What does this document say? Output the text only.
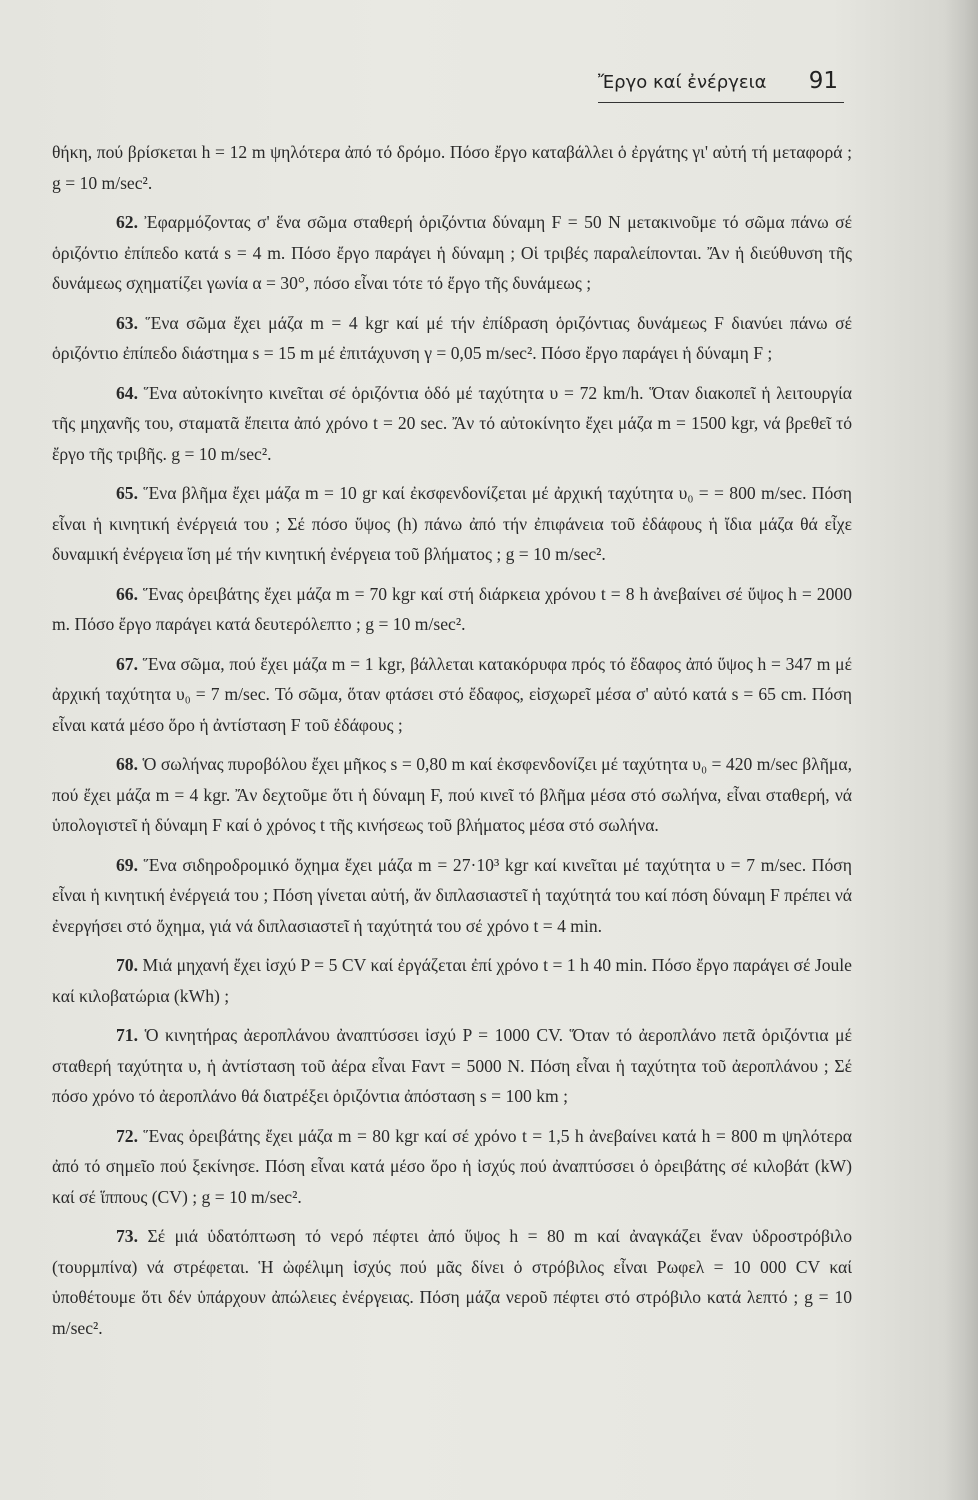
Ἔργο καί ἐνέργεια 91

θήκη, πού βρίσκεται h = 12 m ψηλότερα ἀπό τό δρόμο. Πόσο ἔργο καταβάλλει ὁ ἐργάτης γι' αὐτή τή μεταφορά ; g = 10 m/sec².

62. Ἐφαρμόζοντας σ' ἕνα σῶμα σταθερή ὁριζόντια δύναμη F = 50 N μετακινοῦμε τό σῶμα πάνω σέ ὁριζόντιο ἐπίπεδο κατά s = 4 m. Πόσο ἔργο παράγει ἡ δύναμη ; Οἱ τριβές παραλείπονται. Ἄν ἡ διεύθυνση τῆς δυνάμεως σχηματίζει γωνία α = 30°, πόσο εἶναι τότε τό ἔργο τῆς δυνάμεως ;

63. Ἕνα σῶμα ἔχει μάζα m = 4 kgr καί μέ τήν ἐπίδραση ὁριζόντιας δυνάμεως F διανύει πάνω σέ ὁριζόντιο ἐπίπεδο διάστημα s = 15 m μέ ἐπιτάχυνση γ = 0,05 m/sec². Πόσο ἔργο παράγει ἡ δύναμη F ;

64. Ἕνα αὐτοκίνητο κινεῖται σέ ὁριζόντια ὁδό μέ ταχύτητα υ = 72 km/h. Ὅταν διακοπεῖ ἡ λειτουργία τῆς μηχανῆς του, σταματᾶ ἔπειτα ἀπό χρόνο t = 20 sec. Ἄν τό αὐτοκίνητο ἔχει μάζα m = 1500 kgr, νά βρεθεῖ τό ἔργο τῆς τριβῆς. g = 10 m/sec².

65. Ἕνα βλῆμα ἔχει μάζα m = 10 gr καί ἐκσφενδονίζεται μέ ἀρχική ταχύτητα υ₀ = = 800 m/sec. Πόση εἶναι ἡ κινητική ἐνέργειά του ; Σέ πόσο ὕψος (h) πάνω ἀπό τήν ἐπιφάνεια τοῦ ἐδάφους ἡ ἴδια μάζα θά εἶχε δυναμική ἐνέργεια ἴση μέ τήν κινητική ἐνέργεια τοῦ βλήματος ; g = 10 m/sec².

66. Ἕνας ὀρειβάτης ἔχει μάζα m = 70 kgr καί στή διάρκεια χρόνου t = 8 h ἀνεβαίνει σέ ὕψος h = 2000 m. Πόσο ἔργο παράγει κατά δευτερόλεπτο ; g = 10 m/sec².

67. Ἕνα σῶμα, πού ἔχει μάζα m = 1 kgr, βάλλεται κατακόρυφα πρός τό ἔδαφος ἀπό ὕψος h = 347 m μέ ἀρχική ταχύτητα υ₀ = 7 m/sec. Τό σῶμα, ὅταν φτάσει στό ἔδαφος, εἰσχωρεῖ μέσα σ' αὐτό κατά s = 65 cm. Πόση εἶναι κατά μέσο ὅρο ἡ ἀντίσταση F τοῦ ἐδάφους ;

68. Ὁ σωλήνας πυροβόλου ἔχει μῆκος s = 0,80 m καί ἐκσφενδονίζει μέ ταχύτητα υ₀ = 420 m/sec βλῆμα, πού ἔχει μάζα m = 4 kgr. Ἄν δεχτοῦμε ὅτι ἡ δύναμη F, πού κινεῖ τό βλῆμα μέσα στό σωλήνα, εἶναι σταθερή, νά ὑπολογιστεῖ ἡ δύναμη F καί ὁ χρόνος t τῆς κινήσεως τοῦ βλήματος μέσα στό σωλήνα.

69. Ἕνα σιδηροδρομικό ὄχημα ἔχει μάζα m = 27·10³ kgr καί κινεῖται μέ ταχύτητα υ = 7 m/sec. Πόση εἶναι ἡ κινητική ἐνέργειά του ; Πόση γίνεται αὐτή, ἄν διπλασιαστεῖ ἡ ταχύτητά του καί πόση δύναμη F πρέπει νά ἐνεργήσει στό ὄχημα, γιά νά διπλασιαστεῖ ἡ ταχύτητά του σέ χρόνο t = 4 min.

70. Μιά μηχανή ἔχει ἰσχύ P = 5 CV καί ἐργάζεται ἐπί χρόνο t = 1 h 40 min. Πόσο ἔργο παράγει σέ Joule καί κιλοβατώρια (kWh) ;

71. Ὁ κινητήρας ἀεροπλάνου ἀναπτύσσει ἰσχύ P = 1000 CV. Ὅταν τό ἀεροπλάνο πετᾶ ὁριζόντια μέ σταθερή ταχύτητα υ, ἡ ἀντίσταση τοῦ ἀέρα εἶναι Fαντ = 5000 N. Πόση εἶναι ἡ ταχύτητα τοῦ ἀεροπλάνου ; Σέ πόσο χρόνο τό ἀεροπλάνο θά διατρέξει ὁριζόντια ἀπόσταση s = 100 km ;

72. Ἕνας ὀρειβάτης ἔχει μάζα m = 80 kgr καί σέ χρόνο t = 1,5 h ἀνεβαίνει κατά h = 800 m ψηλότερα ἀπό τό σημεῖο πού ξεκίνησε. Πόση εἶναι κατά μέσο ὅρο ἡ ἰσχύς πού ἀναπτύσσει ὁ ὀρειβάτης σέ κιλοβάτ (kW) καί σέ ἵππους (CV) ; g = 10 m/sec².

73. Σέ μιά ὑδατόπτωση τό νερό πέφτει ἀπό ὕψος h = 80 m καί ἀναγκάζει ἕναν ὑδροστρόβιλο (τουρμπίνα) νά στρέφεται. Ἡ ὠφέλιμη ἰσχύς πού μᾶς δίνει ὁ στρόβιλος εἶναι Pωφελ = 10 000 CV καί ὑποθέτουμε ὅτι δέν ὑπάρχουν ἀπώλειες ἐνέργειας. Πόση μάζα νεροῦ πέφτει στό στρόβιλο κατά λεπτό ; g = 10 m/sec².
